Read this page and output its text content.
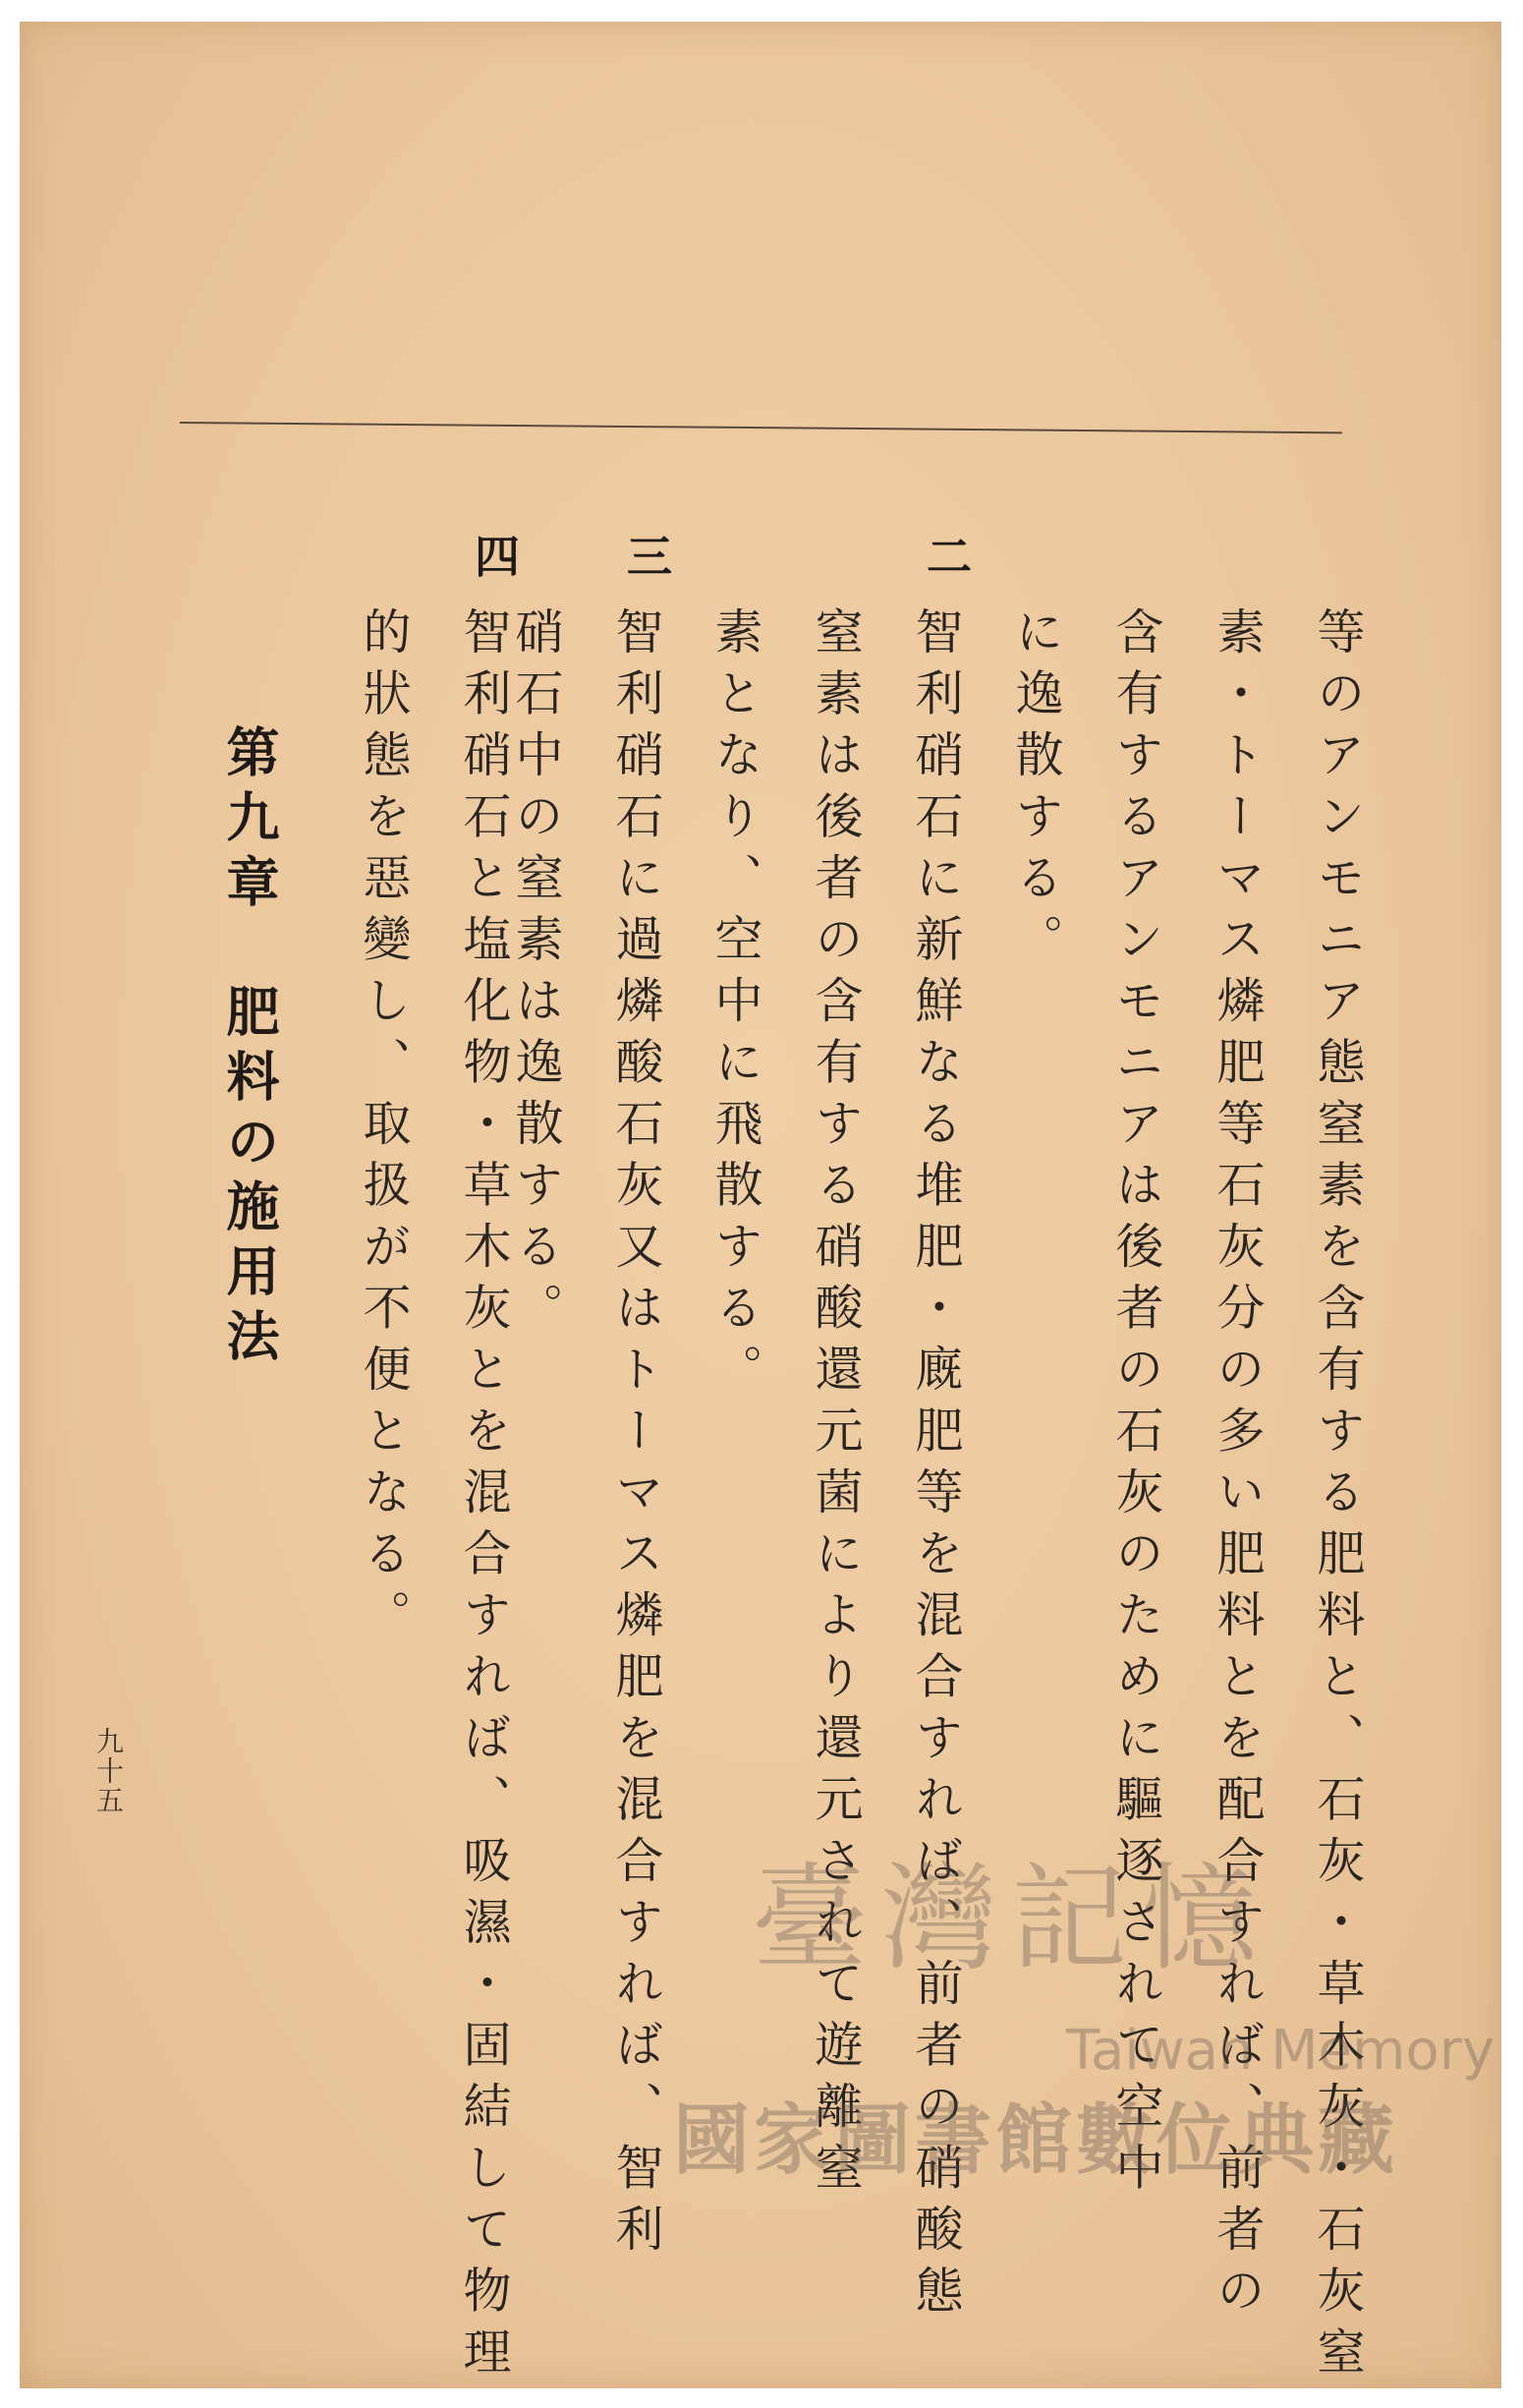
等のアンモニア態窒素を含有する肥料と、石灰・草木灰・石灰窒
素・トーマス燐肥等石灰分の多い肥料とを配合すれば、前者の
含有するアンモニアは後者の石灰のために驅逐されて空中
に逸散する。
二
智利硝石に新鮮なる堆肥・廐肥等を混合すれば、前者の硝酸態
窒素は後者の含有する硝酸還元菌により還元されて遊離窒
素となり、空中に飛散する。
三
智利硝石に過燐酸石灰又はトーマス燐肥を混合すれば、智利
硝石中の窒素は逸散する。
四
智利硝石と塩化物・草木灰とを混合すれば、吸濕・固結して物理
的狀態を惡變し、取扱が不便となる。
第九章　肥料の施用法
九十五
臺灣記憶
Taiwan Memory
國家圖書館數位典藏
